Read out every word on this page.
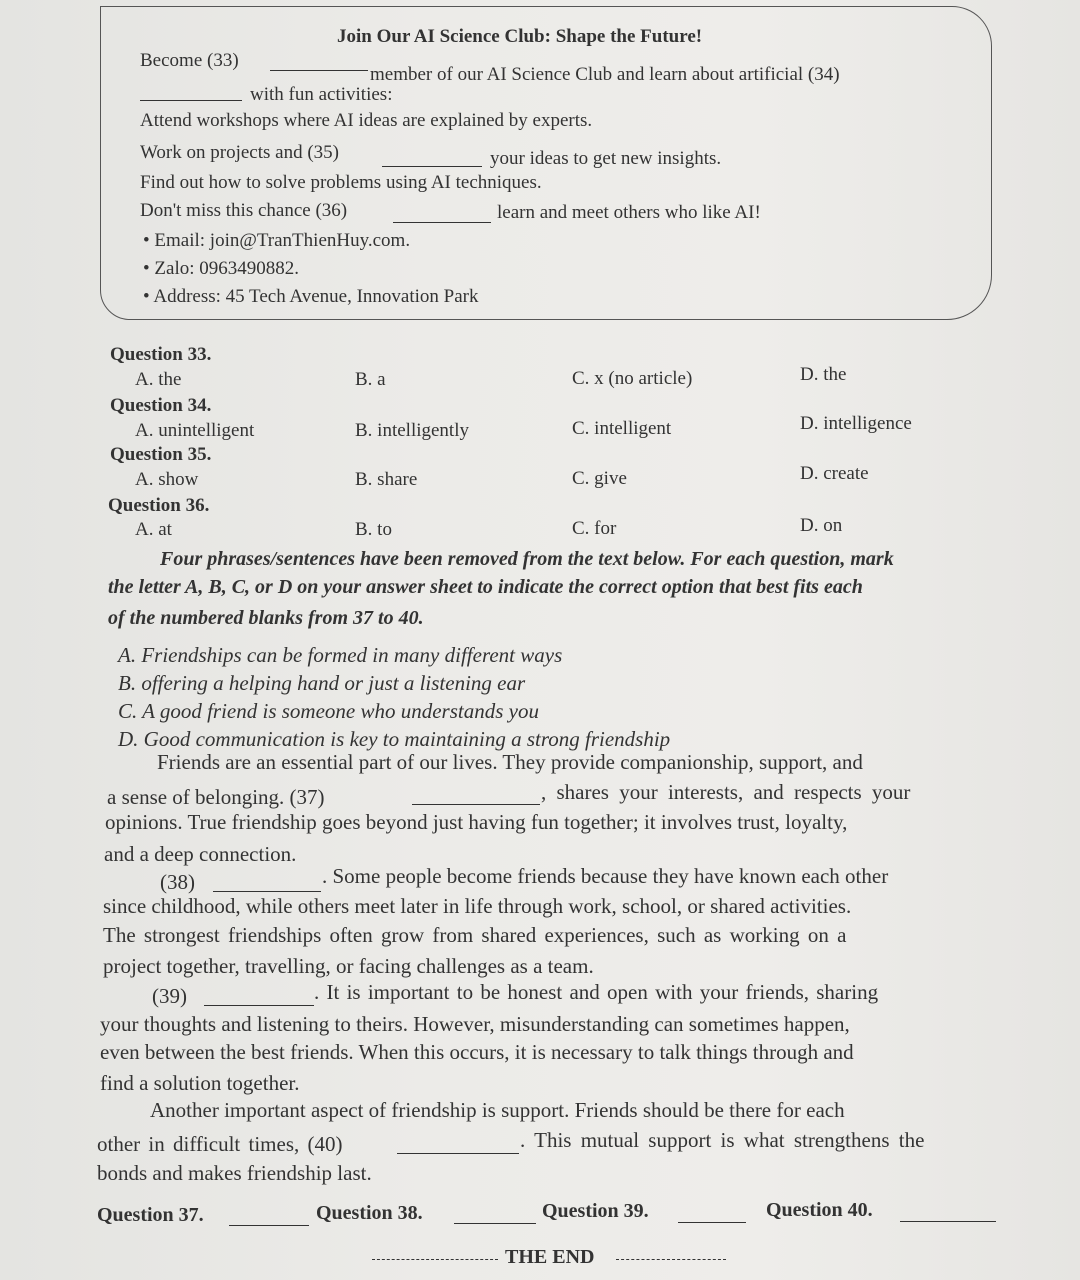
Join Our AI Science Club: Shape the Future!
Become (33)
member of our AI Science Club and learn about artificial (34)
with fun activities:
Attend workshops where AI ideas are explained by experts.
Work on projects and (35)	your ideas to get new insights.
Find out how to solve problems using AI techniques.
Don't miss this chance (36)	learn and meet others who like AI!
• Email: join@TranThienHuy.com.
• Zalo: 0963490882.
• Address: 45 Tech Avenue, Innovation Park
Question 33.
A. the	B. a	C. x (no article)	D. the
Question 34.
A. unintelligent	B. intelligently	C. intelligent	D. intelligence
Question 35.
A. show	B. share	C. give	D. create
Question 36.
A. at	B. to	C. for	D. on
Four phrases/sentences have been removed from the text below. For each question, mark
the letter A, B, C, or D on your answer sheet to indicate the correct option that best fits each
of the numbered blanks from 37 to 40.
A. Friendships can be formed in many different ways
B. offering a helping hand or just a listening ear
C. A good friend is someone who understands you
D. Good communication is key to maintaining a strong friendship
Friends are an essential part of our lives. They provide companionship, support, and
a sense of belonging. (37)	, shares your interests, and respects your
opinions. True friendship goes beyond just having fun together; it involves trust, loyalty,
and a deep connection.
(38)	. Some people become friends because they have known each other
since childhood, while others meet later in life through work, school, or shared activities.
The strongest friendships often grow from shared experiences, such as working on a
project together, travelling, or facing challenges as a team.
(39)	. It is important to be honest and open with your friends, sharing
your thoughts and listening to theirs. However, misunderstanding can sometimes happen,
even between the best friends. When this occurs, it is necessary to talk things through and
find a solution together.
Another important aspect of friendship is support. Friends should be there for each
other in difficult times, (40)	. This mutual support is what strengthens the
bonds and makes friendship last.
Question 37.	Question 38.	Question 39.	Question 40.
THE END
